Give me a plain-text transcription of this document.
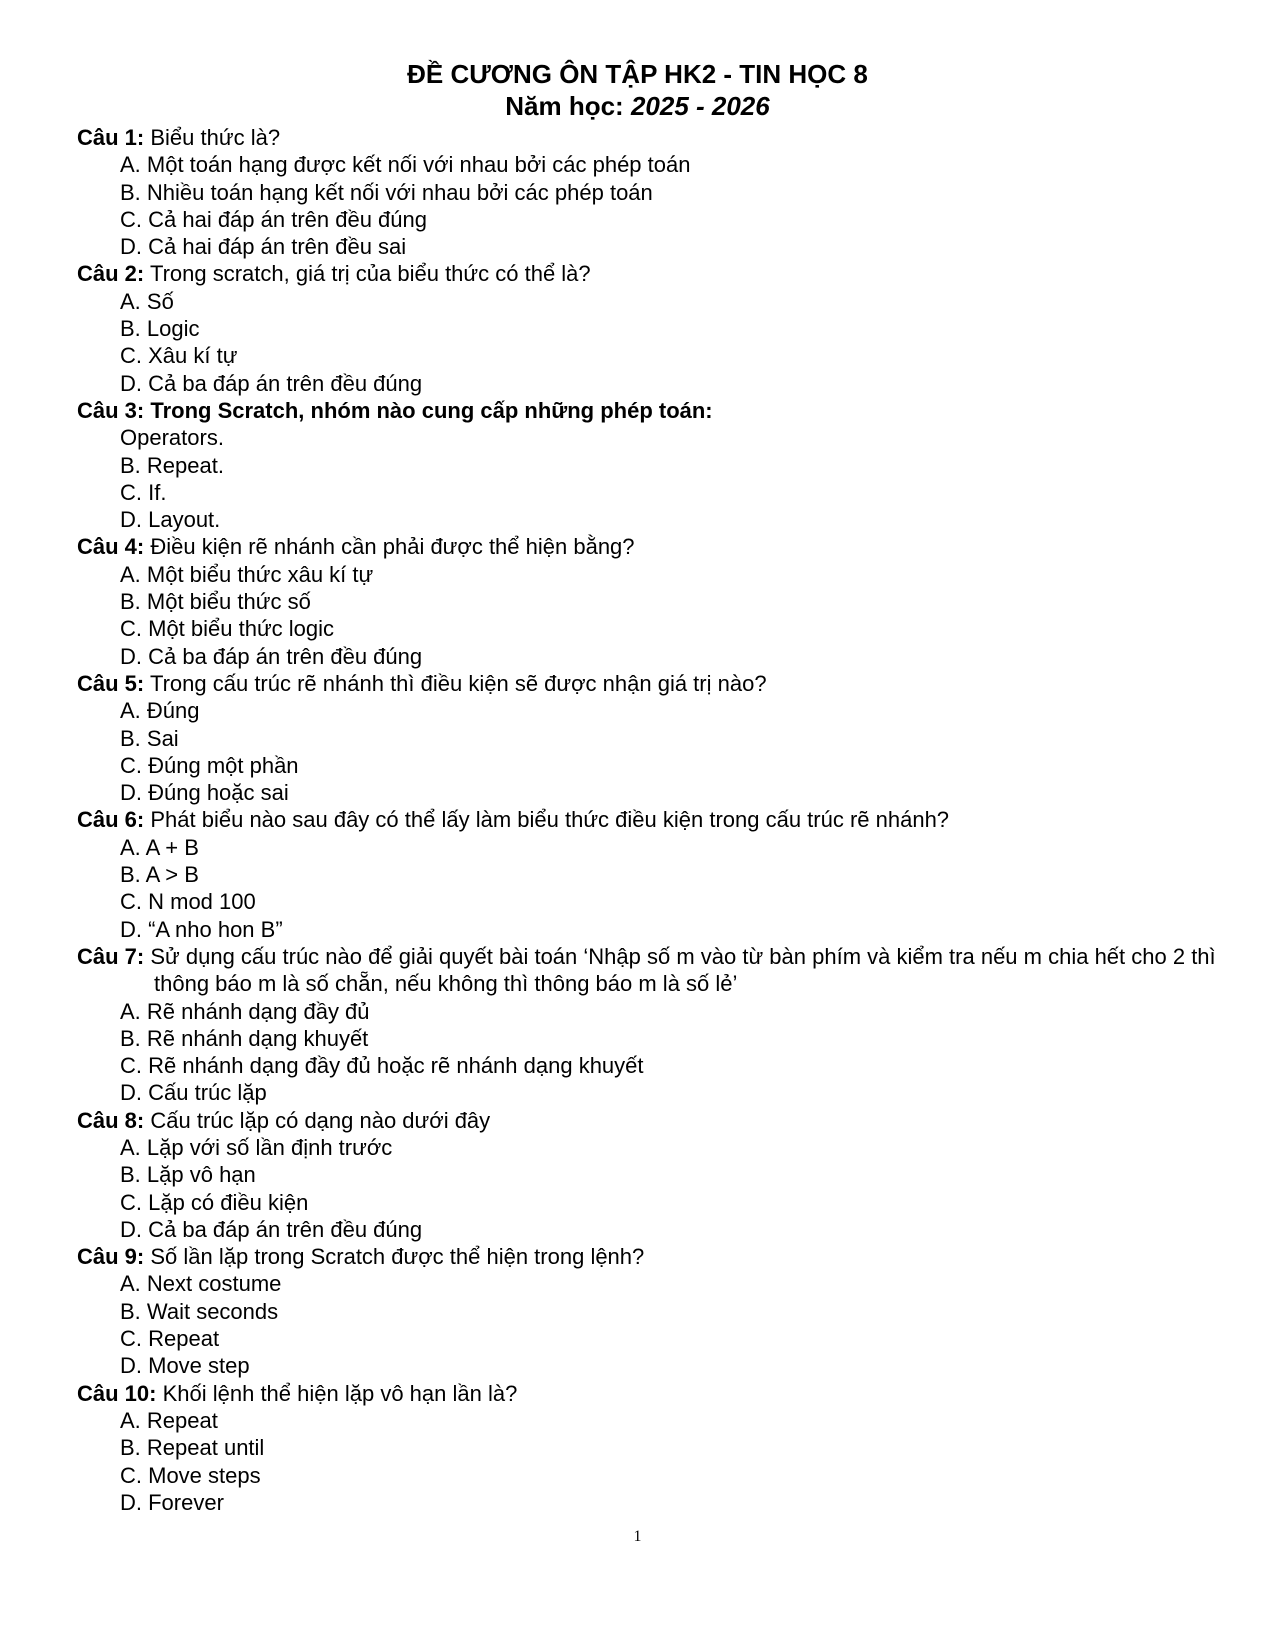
ĐỀ CƯƠNG ÔN TẬP HK2 - TIN HỌC 8
Năm học: 2025 - 2026
Câu 1: Biểu thức là?
A. Một toán hạng được kết nối với nhau bởi các phép toán
B. Nhiều toán hạng kết nối với nhau bởi các phép toán
C. Cả hai đáp án trên đều đúng
D. Cả hai đáp án trên đều sai
Câu 2: Trong scratch, giá trị của biểu thức có thể là?
A. Số
B. Logic
C. Xâu kí tự
D. Cả ba đáp án trên đều đúng
Câu 3: Trong Scratch, nhóm nào cung cấp những phép toán:
Operators.
B. Repeat.
C. If.
D. Layout.
Câu 4: Điều kiện rẽ nhánh cần phải được thể hiện bằng?
A. Một biểu thức xâu kí tự
B. Một biểu thức số
C. Một biểu thức logic
D. Cả ba đáp án trên đều đúng
Câu 5: Trong cấu trúc rẽ nhánh thì điều kiện sẽ được nhận giá trị nào?
A. Đúng
B. Sai
C. Đúng một phần
D. Đúng hoặc sai
Câu 6: Phát biểu nào sau đây có thể lấy làm biểu thức điều kiện trong cấu trúc rẽ nhánh?
A. A + B
B. A > B
C. N mod 100
D. “A nho hon B”
Câu 7: Sử dụng cấu trúc nào để giải quyết bài toán ‘Nhập số m vào từ bàn phím và kiểm tra nếu m chia hết cho 2 thì thông báo m là số chẵn, nếu không thì thông báo m là số lẻ’
A. Rẽ nhánh dạng đầy đủ
B. Rẽ nhánh dạng khuyết
C. Rẽ nhánh dạng đầy đủ hoặc rẽ nhánh dạng khuyết
D. Cấu trúc lặp
Câu 8: Cấu trúc lặp có dạng nào dưới đây
A. Lặp với số lần định trước
B. Lặp vô hạn
C. Lặp có điều kiện
D. Cả ba đáp án trên đều đúng
Câu 9: Số lần lặp trong Scratch được thể hiện trong lệnh?
A. Next costume
B. Wait seconds
C. Repeat
D. Move step
Câu 10: Khối lệnh thể hiện lặp vô hạn lần là?
A. Repeat
B. Repeat until
C. Move steps
D. Forever
1
